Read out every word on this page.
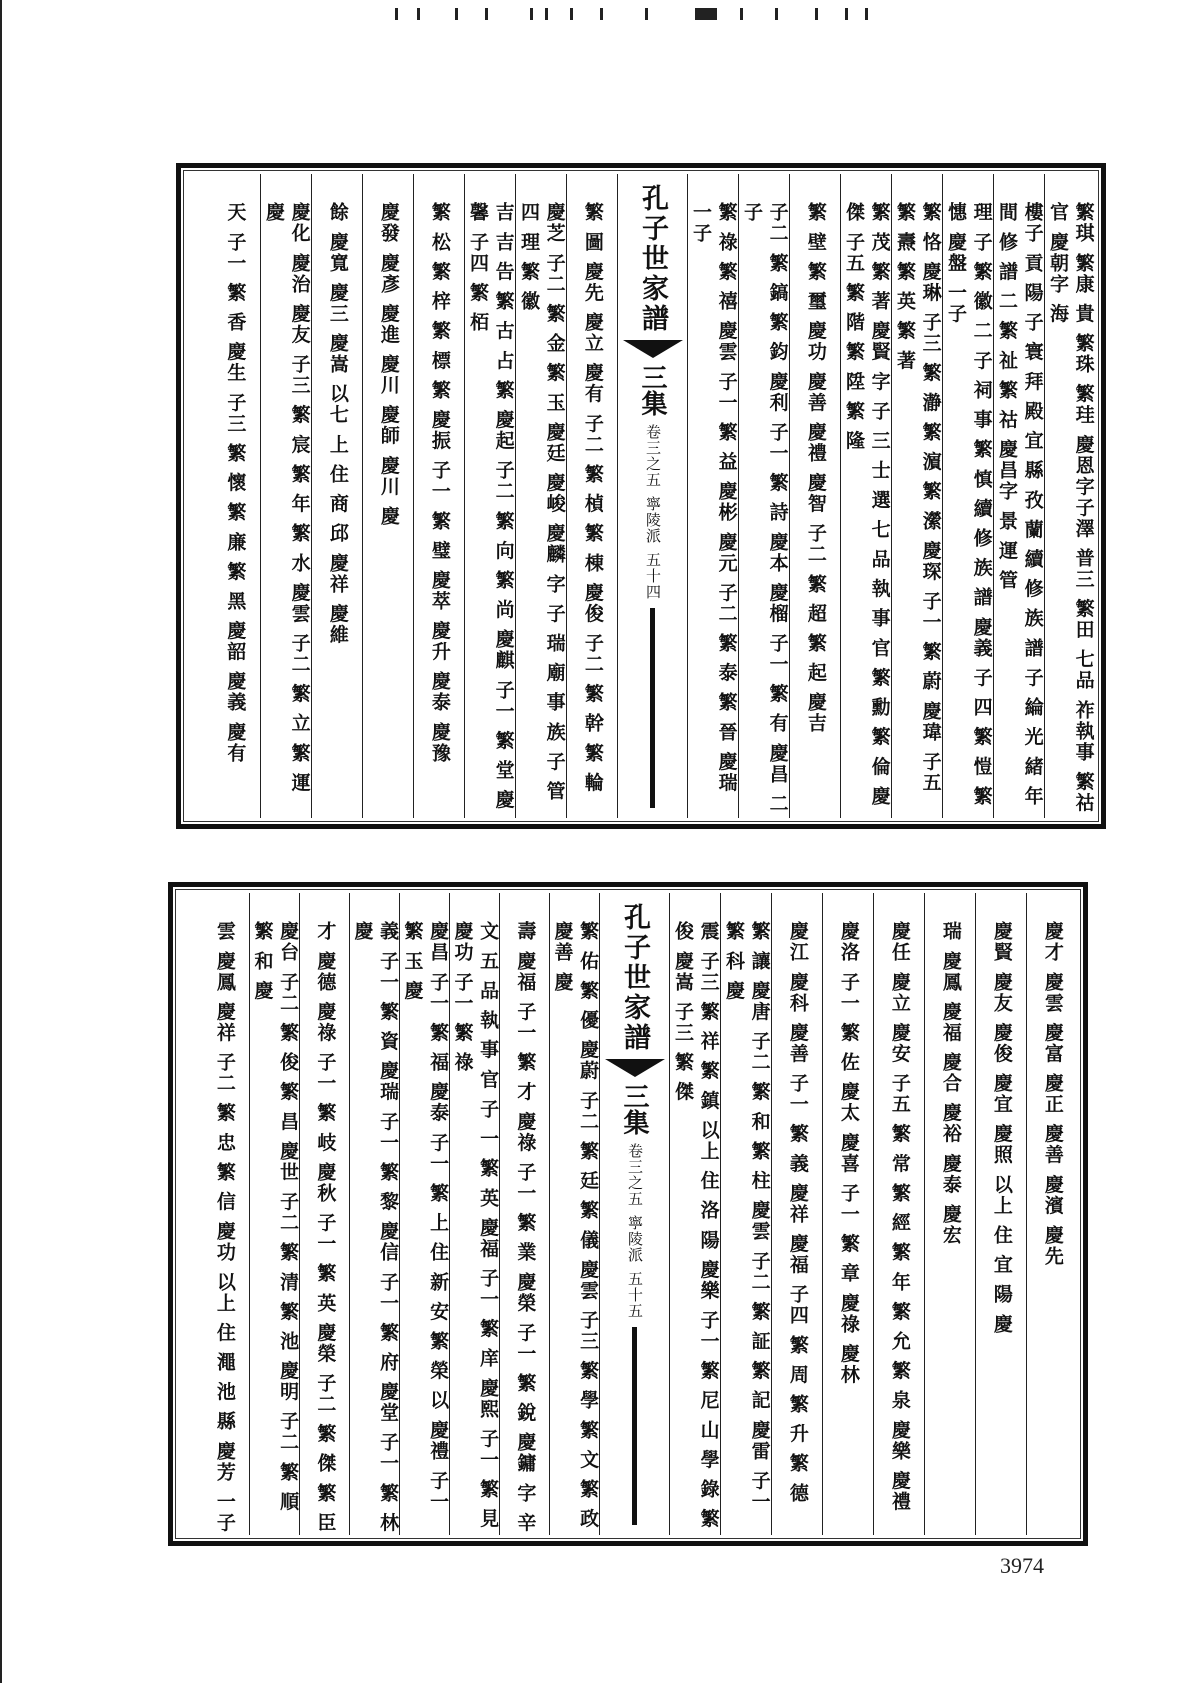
繁琪 繁康 貴 繁珠 繁珪 慶恩字子澤 普三 繁田 七品 祚執事 繁祜 官 慶朝字 海
樓子 貢 陽 子 寰 拜 殿 宜 縣 孜 蘭 續 修 族 譜 子 綸 光 緒 年 間 修 譜 二 繁 祉 繁 祜 慶昌字 景 運 管
理 子 繁 徽 二 子 祠 事 繁 慎 續 修 族 譜 慶義 子 四 繁 愷 繁 憓 慶盤 一子
繁 恪 慶琳 子三 繁 瀞 繁 濵 繁 瀠 慶琛 子一 繁 蔚 慶瑋 子五 繁 燾 繁 英 繁 著
繁 茂 繁 著 慶賢 字 子 三 士 選 七 品 執 事 官 繁 勳 繁 倫 慶傑 子五 繁 階 繁 陞 繁 隆
繁 壁 繁 璽 慶功 慶善 慶禮 慶智 子二 繁 超 繁 起 慶吉
子二 繁 鎬 繁 鈞 慶利 子一 繁 詩 慶本 慶榴 子一 繁 有 慶昌 二子
繁 祿 繁 禧 慶雲 子一 繁 益 慶彬 慶元 子二 繁 泰 繁 晉 慶瑞 一子
孔子世家譜
三集
卷三之五
寧陵派
五十四
繁 圖 慶先 慶立 慶有 子二 繁 楨 繁 棟 慶俊 子二 繁 幹 繁 輪
慶芝 子二 繁 金 繁 玉 慶廷 慶峻 慶麟 字 子 瑞 廟 事 族 子 管 四 理 繁 徽
吉 吉 告 繁 古 占 繁 慶起 子二 繁 向 繁 尚 慶麒 子一 繁 堂 慶馨 子四 繁 栢
繁 松 繁 梓 繁 標 繁 慶振 子一 繁 璧 慶萃 慶升 慶泰 慶豫
慶發 慶彥 慶進 慶川 慶師 慶川 慶
餘 慶寬 慶三 慶嵩 以七 上 住 商 邱 慶祥 慶維
慶化 慶治 慶友 子三 繁 宸 繁 年 繁 水 慶雲 子二 繁 立 繁 運 慶
天 子一 繁 香 慶生 子三 繁 懷 繁 廉 繁 黑 慶韶 慶義 慶有
慶才 慶雲 慶富 慶正 慶善 慶濱 慶先
慶賢 慶友 慶俊 慶宜 慶照 以上 住 宜 陽 慶
瑞 慶鳳 慶福 慶合 慶裕 慶泰 慶宏
慶任 慶立 慶安 子五 繁 常 繁 經 繁 年 繁 允 繁 泉 慶樂 慶禮
慶洛 子一 繁 佐 慶太 慶喜 子一 繁 章 慶祿 慶林
慶江 慶科 慶善 子一 繁 義 慶祥 慶福 子四 繁 周 繁 升 繁 德
繁 讓 慶唐 子二 繁 和 繁 柱 慶雲 子二 繁 証 繁 記 慶雷 子一 繁 科 慶
震 子三 繁 祥 繁 鎮 以上 住 洛 陽 慶樂 子一 繁 尼 山 學 錄 繁 俊 慶嵩 子三 繁 傑
孔子世家譜
三集
卷三之五
寧陵派
五十五
繁 佑 繁 優 慶蔚 子二 繁 廷 繁 儀 慶雲 子三 繁 學 繁 文 繁 政 慶善 慶
壽 慶福 子一 繁 才 慶祿 子一 繁 業 慶榮 子一 繁 銳 慶鏞 字 辛
文 五 品 執 事 官 子 一 繁 英 慶福 子一 繁 庠 慶熙 子一 繁 見 慶功 子一 繁 祿
慶昌 子一 繁 福 慶泰 子一 繁 上 住 新 安 繁 榮 以 慶禮 子一 繁 玉 慶
義 子一 繁 資 慶瑞 子一 繁 黎 慶信 子一 繁 府 慶堂 子一 繁 林 慶
才 慶德 慶祿 子一 繁 岐 慶秋 子一 繁 英 慶榮 子二 繁 傑 繁 臣
慶台 子二 繁 俊 繁 昌 慶世 子二 繁 清 繁 池 慶明 子二 繁 順 繁 和 慶
雲 慶鳳 慶祥 子二 繁 忠 繁 信 慶功 以上 住 澠 池 縣 慶芳 一子
3974
